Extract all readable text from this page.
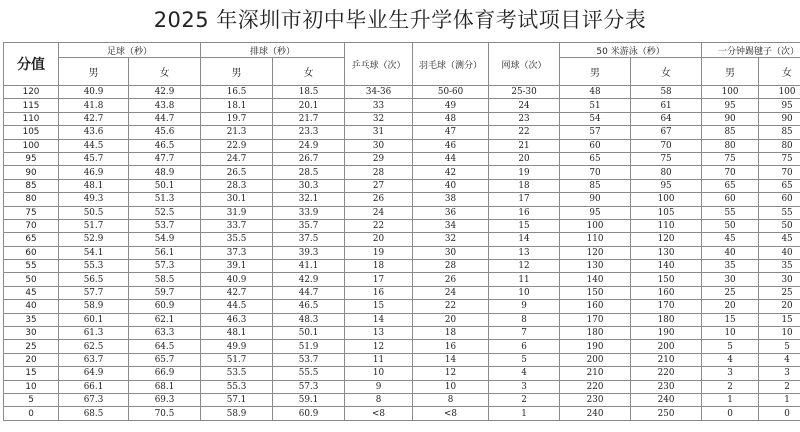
2025 年深圳市初中毕业生升学体育考试项目评分表
分值	足球（秒）		排球（秒）		乒乓球（次）	羽毛球（测分）	网球（次）	50 米游泳（秒）		一分钟踢毽子（次）	
	男	女	男	女				男	女	男	女
120	40.9	42.9	16.5	18.5	34-36	50-60	25-30	48	58	100	100
115	41.8	43.8	18.1	20.1	33	49	24	51	61	95	95
110	42.7	44.7	19.7	21.7	32	48	23	54	64	90	90
105	43.6	45.6	21.3	23.3	31	47	22	57	67	85	85
100	44.5	46.5	22.9	24.9	30	46	21	60	70	80	80
95	45.7	47.7	24.7	26.7	29	44	20	65	75	75	75
90	46.9	48.9	26.5	28.5	28	42	19	70	80	70	70
85	48.1	50.1	28.3	30.3	27	40	18	85	95	65	65
80	49.3	51.3	30.1	32.1	26	38	17	90	100	60	60
75	50.5	52.5	31.9	33.9	24	36	16	95	105	55	55
70	51.7	53.7	33.7	35.7	22	34	15	100	110	50	50
65	52.9	54.9	35.5	37.5	20	32	14	110	120	45	45
60	54.1	56.1	37.3	39.3	19	30	13	120	130	40	40
55	55.3	57.3	39.1	41.1	18	28	12	130	140	35	35
50	56.5	58.5	40.9	42.9	17	26	11	140	150	30	30
45	57.7	59.7	42.7	44.7	16	24	10	150	160	25	25
40	58.9	60.9	44.5	46.5	15	22	9	160	170	20	20
35	60.1	62.1	46.3	48.3	14	20	8	170	180	15	15
30	61.3	63.3	48.1	50.1	13	18	7	180	190	10	10
25	62.5	64.5	49.9	51.9	12	16	6	190	200	5	5
20	63.7	65.7	51.7	53.7	11	14	5	200	210	4	4
15	64.9	66.9	53.5	55.5	10	12	4	210	220	3	3
10	66.1	68.1	55.3	57.3	9	10	3	220	230	2	2
5	67.3	69.3	57.1	59.1	8	8	2	230	240	1	1
0	68.5	70.5	58.9	60.9	<8	<8	1	240	250	0	0
